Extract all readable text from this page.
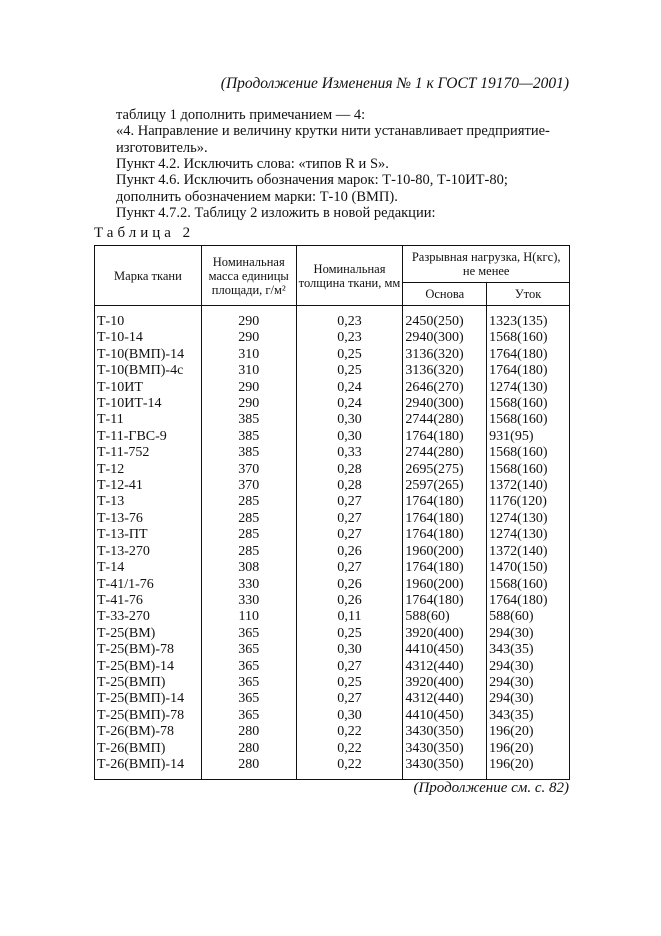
(Продолжение Изменения № 1 к ГОСТ 19170—2001)

таблицу 1 дополнить примечанием — 4:

«4. Направление и величину крутки нити устанавливает предприятие-изготовитель».

Пункт 4.2. Исключить слова: «типов R и S».

Пункт 4.6. Исключить обозначения марок: Т-10-80, Т-10ИТ-80; дополнить обозначением марки: Т-10 (ВМП).

Пункт 4.7.2. Таблицу 2 изложить в новой редакции:

Таблица 2
Марка ткани	Номинальная масса единицы площади, г/м²	Номинальная толщина ткани, мм	Разрывная нагрузка, Н(кгс), не менее	
			Основа	Уток
Т-10	290	0,23	2450(250)	1323(135)
Т-10-14	290	0,23	2940(300)	1568(160)
Т-10(ВМП)-14	310	0,25	3136(320)	1764(180)
Т-10(ВМП)-4с	310	0,25	3136(320)	1764(180)
Т-10ИТ	290	0,24	2646(270)	1274(130)
Т-10ИТ-14	290	0,24	2940(300)	1568(160)
Т-11	385	0,30	2744(280)	1568(160)
Т-11-ГВС-9	385	0,30	1764(180)	931(95)
Т-11-752	385	0,33	2744(280)	1568(160)
Т-12	370	0,28	2695(275)	1568(160)
Т-12-41	370	0,28	2597(265)	1372(140)
Т-13	285	0,27	1764(180)	1176(120)
Т-13-76	285	0,27	1764(180)	1274(130)
Т-13-ПТ	285	0,27	1764(180)	1274(130)
Т-13-270	285	0,26	1960(200)	1372(140)
Т-14	308	0,27	1764(180)	1470(150)
Т-41/1-76	330	0,26	1960(200)	1568(160)
Т-41-76	330	0,26	1764(180)	1764(180)
Т-33-270	110	0,11	588(60)	588(60)
Т-25(ВМ)	365	0,25	3920(400)	294(30)
Т-25(ВМ)-78	365	0,30	4410(450)	343(35)
Т-25(ВМ)-14	365	0,27	4312(440)	294(30)
Т-25(ВМП)	365	0,25	3920(400)	294(30)
Т-25(ВМП)-14	365	0,27	4312(440)	294(30)
Т-25(ВМП)-78	365	0,30	4410(450)	343(35)
Т-26(ВМ)-78	280	0,22	3430(350)	196(20)
Т-26(ВМП)	280	0,22	3430(350)	196(20)
Т-26(ВМП)-14	280	0,22	3430(350)	196(20)
(Продолжение см. с. 82)
